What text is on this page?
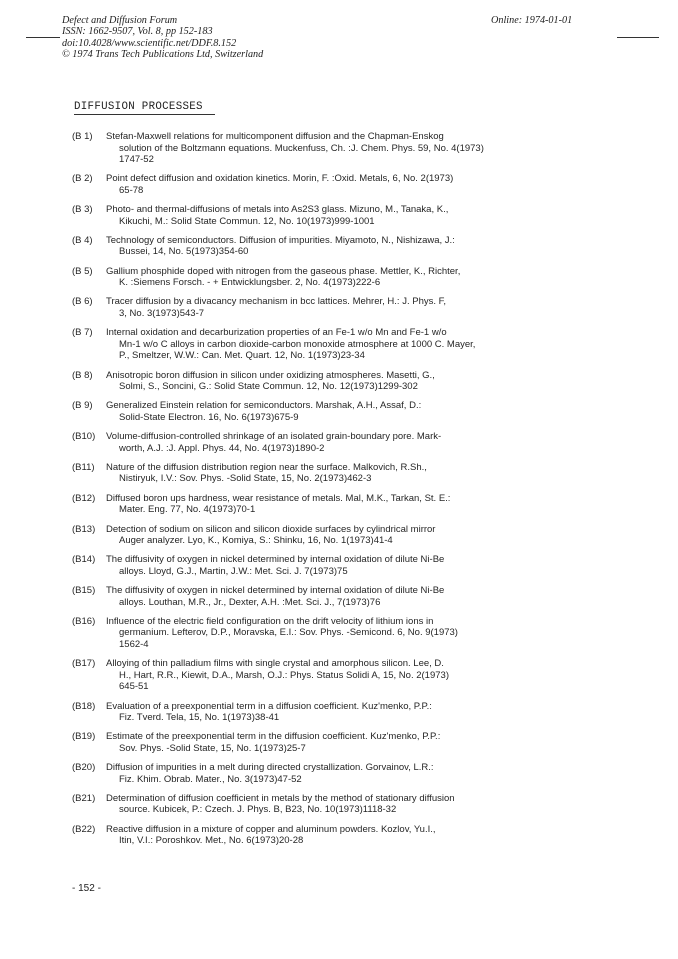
Defect and Diffusion Forum
ISSN: 1662-9507, Vol. 8, pp 152-183
doi:10.4028/www.scientific.net/DDF.8.152
© 1974 Trans Tech Publications Ltd, Switzerland
Online: 1974-01-01
DIFFUSION PROCESSES
(B 1) Stefan-Maxwell relations for multicomponent diffusion and the Chapman-Enskog
solution of the Boltzmann equations. Muckenfuss, Ch. :J. Chem. Phys. 59, No. 4(1973)
1747-52
(B 2) Point defect diffusion and oxidation kinetics. Morin, F. :Oxid. Metals, 6, No. 2(1973)
65-78
(B 3) Photo- and thermal-diffusions of metals into As2S3 glass. Mizuno, M., Tanaka, K.,
Kikuchi, M.: Solid State Commun. 12, No. 10(1973)999-1001
(B 4) Technology of semiconductors. Diffusion of impurities. Miyamoto, N., Nishizawa, J.:
Bussei, 14, No. 5(1973)354-60
(B 5) Gallium phosphide doped with nitrogen from the gaseous phase. Mettler, K., Richter,
K. :Siemens Forsch. - + Entwicklungsber. 2, No. 4(1973)222-6
(B 6) Tracer diffusion by a divacancy mechanism in bcc lattices. Mehrer, H.: J. Phys. F,
3, No. 3(1973)543-7
(B 7) Internal oxidation and decarburization properties of an Fe-1 w/o Mn and Fe-1 w/o
Mn-1 w/o C alloys in carbon dioxide-carbon monoxide atmosphere at 1000 C. Mayer,
P., Smeltzer, W.W.: Can. Met. Quart. 12, No. 1(1973)23-34
(B 8) Anisotropic boron diffusion in silicon under oxidizing atmospheres. Masetti, G.,
Solmi, S., Soncini, G.: Solid State Commun. 12, No. 12(1973)1299-302
(B 9) Generalized Einstein relation for semiconductors. Marshak, A.H., Assaf, D.:
Solid-State Electron. 16, No. 6(1973)675-9
(B10) Volume-diffusion-controlled shrinkage of an isolated grain-boundary pore. Mark-
worth, A.J. :J. Appl. Phys. 44, No. 4(1973)1890-2
(B11) Nature of the diffusion distribution region near the surface. Malkovich, R.Sh.,
Nistiryuk, I.V.: Sov. Phys. -Solid State, 15, No. 2(1973)462-3
(B12) Diffused boron ups hardness, wear resistance of metals. Mal, M.K., Tarkan, St. E.:
Mater. Eng. 77, No. 4(1973)70-1
(B13) Detection of sodium on silicon and silicon dioxide surfaces by cylindrical mirror
Auger analyzer. Lyo, K., Komiya, S.: Shinku, 16, No. 1(1973)41-4
(B14) The diffusivity of oxygen in nickel determined by internal oxidation of dilute Ni-Be
alloys. Lloyd, G.J., Martin, J.W.: Met. Sci. J. 7(1973)75
(B15) The diffusivity of oxygen in nickel determined by internal oxidation of dilute Ni-Be
alloys. Louthan, M.R., Jr., Dexter, A.H. :Met. Sci. J., 7(1973)76
(B16) Influence of the electric field configuration on the drift velocity of lithium ions in
germanium. Lefterov, D.P., Moravska, E.I.: Sov. Phys. -Semicond. 6, No. 9(1973)
1562-4
(B17) Alloying of thin palladium films with single crystal and amorphous silicon. Lee, D.
H., Hart, R.R., Kiewit, D.A., Marsh, O.J.: Phys. Status Solidi A, 15, No. 2(1973)
645-51
(B18) Evaluation of a preexponential term in a diffusion coefficient. Kuz'menko, P.P.:
Fiz. Tverd. Tela, 15, No. 1(1973)38-41
(B19) Estimate of the preexponential term in the diffusion coefficient. Kuz'menko, P.P.:
Sov. Phys. -Solid State, 15, No. 1(1973)25-7
(B20) Diffusion of impurities in a melt during directed crystallization. Gorvainov, L.R.:
Fiz. Khim. Obrab. Mater., No. 3(1973)47-52
(B21) Determination of diffusion coefficient in metals by the method of stationary diffusion
source. Kubicek, P.: Czech. J. Phys. B, B23, No. 10(1973)1118-32
(B22) Reactive diffusion in a mixture of copper and aluminum powders. Kozlov, Yu.I.,
Itin, V.I.: Poroshkov. Met., No. 6(1973)20-28
- 152 -
